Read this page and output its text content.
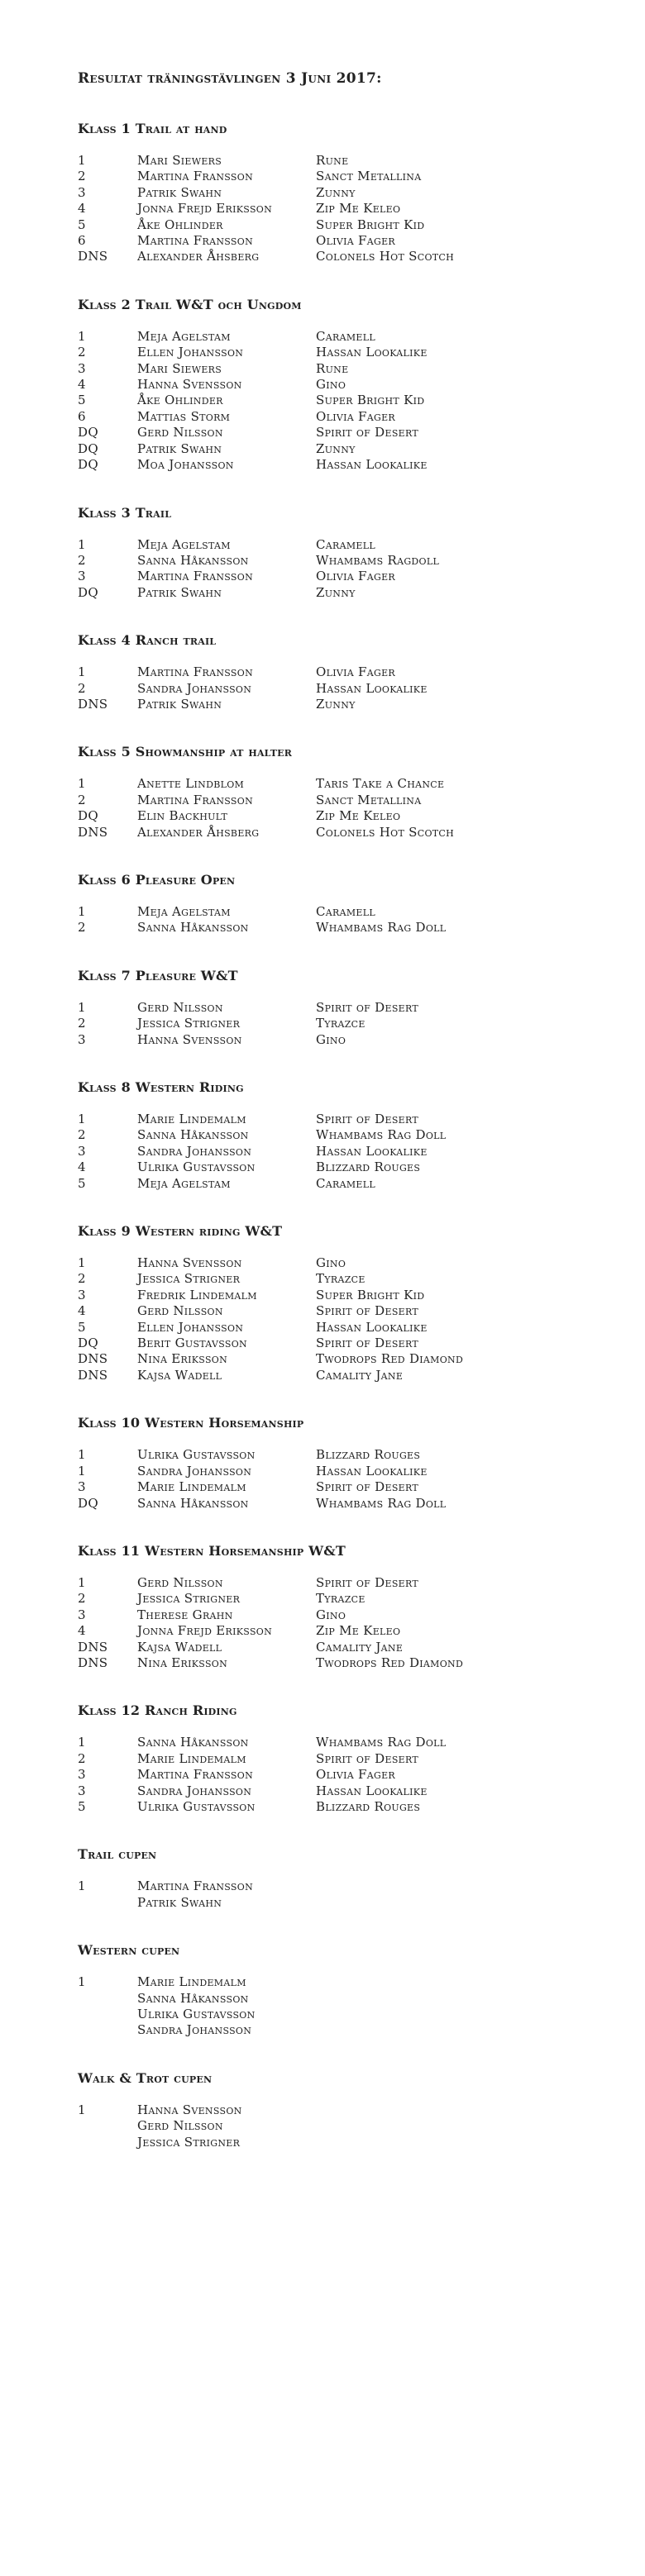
Resultat träningstävlingen 3 Juni 2017:
Klass 1 Trail at hand
1	Mari Siewers	Rune
2	Martina Fransson	Sanct Metallina
3	Patrik Swahn	Zunny
4	Jonna Frejd Eriksson	Zip Me Keleo
5	Åke Ohlinder	Super Bright Kid
6	Martina Fransson	Olivia Fager
DNS	Alexander Åhsberg	Colonels Hot Scotch
Klass 2 Trail W&T och Ungdom
1	Meja Agelstam	Caramell
2	Ellen Johansson	Hassan Lookalike
3	Mari Siewers	Rune
4	Hanna Svensson	Gino
5	Åke Ohlinder	Super Bright Kid
6	Mattias Storm	Olivia Fager
DQ	Gerd Nilsson	Spirit of Desert
DQ	Patrik Swahn	Zunny
DQ	Moa Johansson	Hassan Lookalike
Klass 3 Trail
1	Meja Agelstam	Caramell
2	Sanna Håkansson	Whambams Ragdoll
3	Martina Fransson	Olivia Fager
DQ	Patrik Swahn	Zunny
Klass 4 Ranch trail
1	Martina Fransson	Olivia Fager
2	Sandra Johansson	Hassan Lookalike
DNS	Patrik Swahn	Zunny
Klass 5 Showmanship at halter
1	Anette Lindblom	Taris Take a Chance
2	Martina Fransson	Sanct Metallina
DQ	Elin Backhult	Zip Me Keleo
DNS	Alexander Åhsberg	Colonels Hot Scotch
Klass 6 Pleasure Open
1	Meja Agelstam	Caramell
2	Sanna Håkansson	Whambams Rag Doll
Klass 7 Pleasure W&T
1	Gerd Nilsson	Spirit of Desert
2	Jessica Strigner	Tyrazce
3	Hanna Svensson	Gino
Klass 8 Western Riding
1	Marie Lindemalm	Spirit of Desert
2	Sanna Håkansson	Whambams Rag Doll
3	Sandra Johansson	Hassan Lookalike
4	Ulrika Gustavsson	Blizzard Rouges
5	Meja Agelstam	Caramell
Klass 9 Western riding W&T
1	Hanna Svensson	Gino
2	Jessica Strigner	Tyrazce
3	Fredrik Lindemalm	Super Bright Kid
4	Gerd Nilsson	Spirit of Desert
5	Ellen Johansson	Hassan Lookalike
DQ	Berit Gustavsson	Spirit of Desert
DNS	Nina Eriksson	Twodrops Red Diamond
DNS	Kajsa Wadell	Camality Jane
Klass 10 Western Horsemanship
1	Ulrika Gustavsson	Blizzard Rouges
1	Sandra Johansson	Hassan Lookalike
3	Marie Lindemalm	Spirit of Desert
DQ	Sanna Håkansson	Whambams Rag Doll
Klass 11 Western Horsemanship W&T
1	Gerd Nilsson	Spirit of Desert
2	Jessica Strigner	Tyrazce
3	Therese Grahn	Gino
4	Jonna Frejd Eriksson	Zip Me Keleo
DNS	Kajsa Wadell	Camality Jane
DNS	Nina Eriksson	Twodrops Red Diamond
Klass 12 Ranch Riding
1	Sanna Håkansson	Whambams Rag Doll
2	Marie Lindemalm	Spirit of Desert
3	Martina Fransson	Olivia Fager
3	Sandra Johansson	Hassan Lookalike
5	Ulrika Gustavsson	Blizzard Rouges
Trail cupen
1	Martina Fransson
Patrik Swahn
Western cupen
1	Marie Lindemalm
Sanna Håkansson
Ulrika Gustavsson
Sandra Johansson
Walk & Trot cupen
1	Hanna Svensson
Gerd Nilsson
Jessica Strigner
